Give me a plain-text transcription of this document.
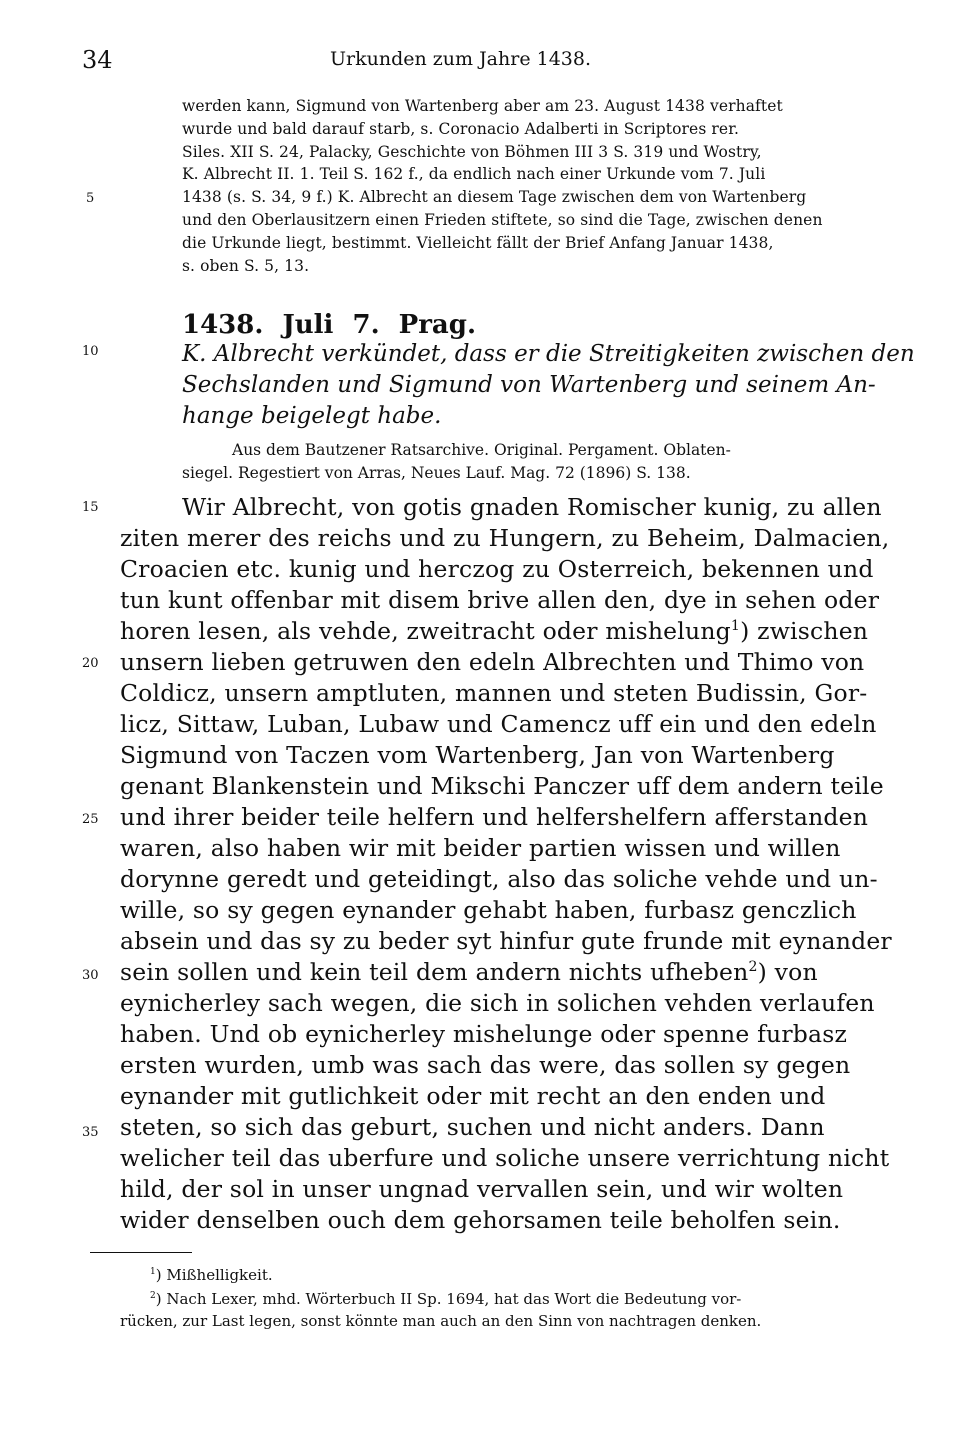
34	Urkunden zum Jahre 1438.
werden kann, Sigmund von Wartenberg aber am 23. August 1438 verhaftet
wurde und bald darauf starb, s. Coronacio Adalberti in Scriptores rer.
Siles. XII S. 24, Palacky, Geschichte von Böhmen III 3 S. 319 und Wostry,
K. Albrecht II. 1. Teil S. 162 f., da endlich nach einer Urkunde vom 7. Juli
1438 (s. S. 34, 9 f.) K. Albrecht an diesem Tage zwischen dem von Wartenberg
und den Oberlausitzern einen Frieden stiftete, so sind die Tage, zwischen denen
die Urkunde liegt, bestimmt. Vielleicht fällt der Brief Anfang Januar 1438,
s. oben S. 5, 13.
5
10
15
20
25
30
35
1438. Juli 7. Prag.
K. Albrecht verkündet, dass er die Streitigkeiten zwischen den
Sechslanden und Sigmund von Wartenberg und seinem An-
hange beigelegt habe.
Aus dem Bautzener Ratsarchive. Original. Pergament. Oblaten-
siegel. Regestiert von Arras, Neues Lauf. Mag. 72 (1896) S. 138.
Wir Albrecht, von gotis gnaden Romischer kunig, zu allen
ziten merer des reichs und zu Hungern, zu Beheim, Dalmacien,
Croacien etc. kunig und herczog zu Osterreich, bekennen und
tun kunt offenbar mit disem brive allen den, dye in sehen oder
horen lesen, als vehde, zweitracht oder mishelung$^1$) zwischen
unsern lieben getruwen den edeln Albrechten und Thimo von
Coldicz, unsern amptluten, mannen und steten Budissin, Gor-
licz, Sittaw, Luban, Lubaw und Camencz uff ein und den edeln
Sigmund von Taczen vom Wartenberg, Jan von Wartenberg
genant Blankenstein und Mikschi Panczer uff dem andern teile
und ihrer beider teile helfern und helfershelfern afferstanden
waren, also haben wir mit beider partien wissen und willen
dorynne geredt und geteidingt, also das soliche vehde und un-
wille, so sy gegen eynander gehabt haben, furbasz genczlich
absein und das sy zu beder syt hinfur gute frunde mit eynander
sein sollen und kein teil dem andern nichts ufheben$^2$) von
eynicherley sach wegen, die sich in solichen vehden verlaufen
haben. Und ob eynicherley mishelunge oder spenne furbasz
ersten wurden, umb was sach das were, das sollen sy gegen
eynander mit gutlichkeit oder mit recht an den enden und
steten, so sich das geburt, suchen und nicht anders. Dann
welicher teil das uberfure und soliche unsere verrichtung nicht
hild, der sol in unser ungnad vervallen sein, und wir wolten
wider denselben ouch dem gehorsamen teile beholfen sein.
$^1$) Mißhelligkeit.
$^2$) Nach Lexer, mhd. Wörterbuch II Sp. 1694, hat das Wort die Bedeutung vor-
rücken, zur Last legen, sonst könnte man auch an den Sinn von nachtragen denken.
